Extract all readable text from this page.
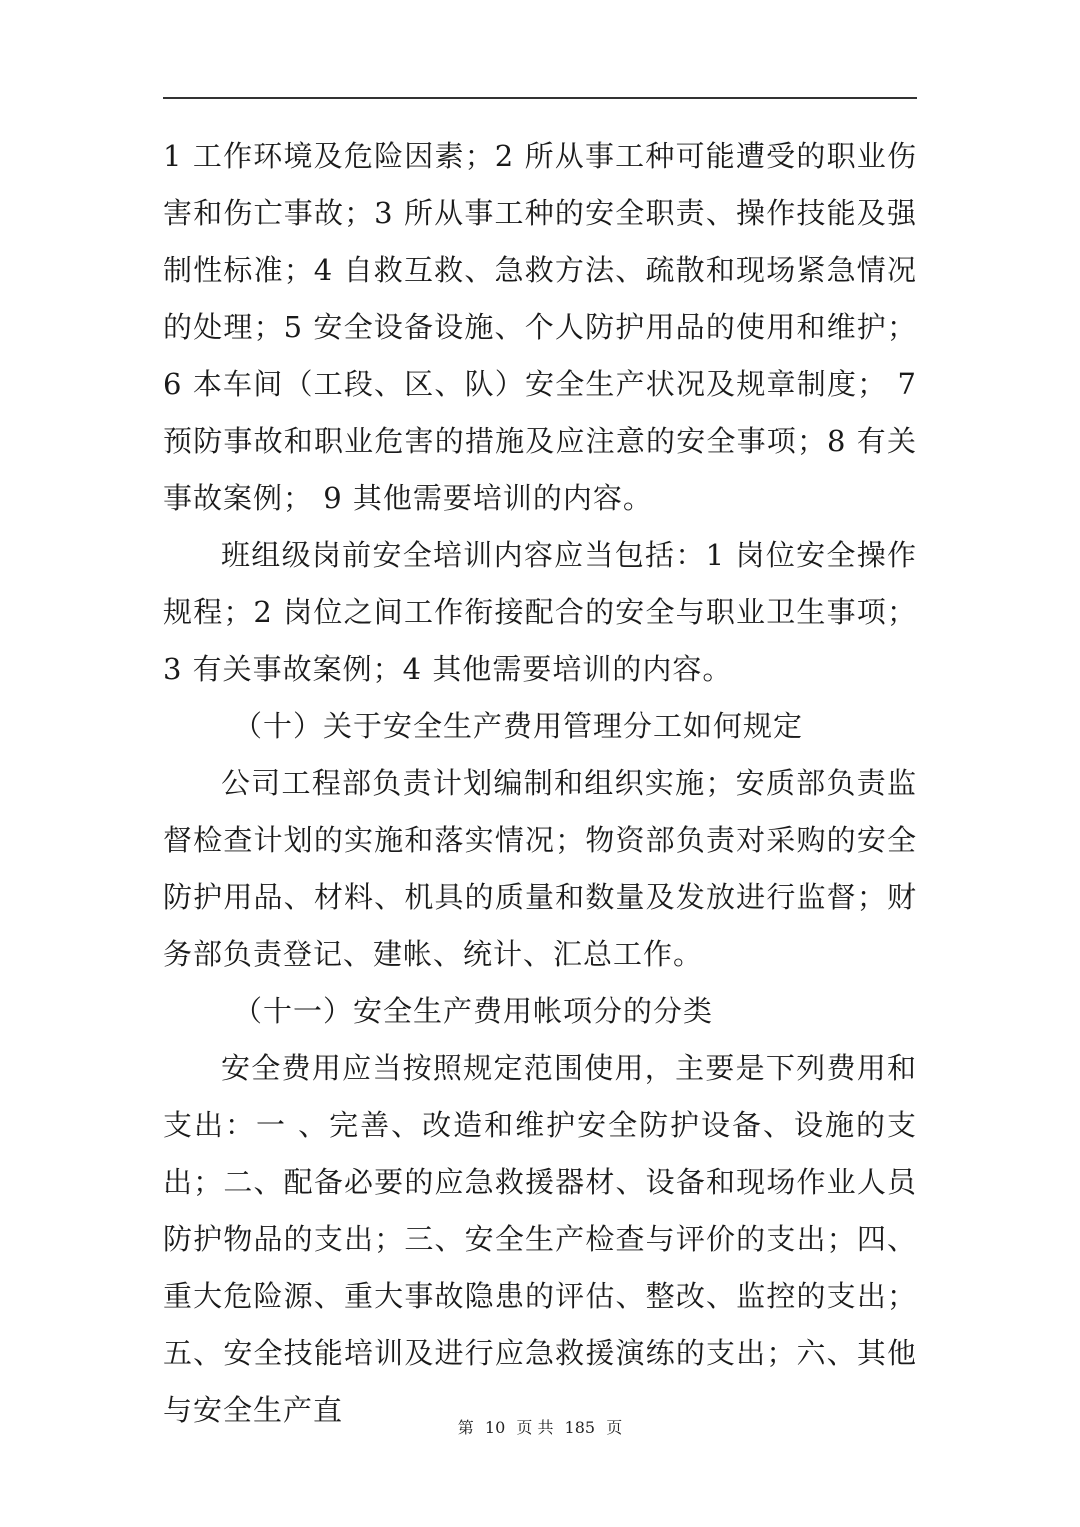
1 工作环境及危险因素；2 所从事工种可能遭受的职业伤害和伤亡事故；3 所从事工种的安全职责、操作技能及强制性标准；4 自救互救、急救方法、疏散和现场紧急情况的处理；5 安全设备设施、个人防护用品的使用和维护；6 本车间（工段、区、队）安全生产状况及规章制度； 7 预防事故和职业危害的措施及应注意的安全事项；8 有关事故案例； 9 其他需要培训的内容。

班组级岗前安全培训内容应当包括：1 岗位安全操作规程；2 岗位之间工作衔接配合的安全与职业卫生事项；3 有关事故案例；4 其他需要培训的内容。

（十）关于安全生产费用管理分工如何规定

公司工程部负责计划编制和组织实施；安质部负责监督检查计划的实施和落实情况；物资部负责对采购的安全防护用品、材料、机具的质量和数量及发放进行监督；财务部负责登记、建帐、统计、汇总工作。

（十一）安全生产费用帐项分的分类

安全费用应当按照规定范围使用，主要是下列费用和支出：一 、完善、改造和维护安全防护设备、设施的支出；二、配备必要的应急救援器材、设备和现场作业人员防护物品的支出；三、安全生产检查与评价的支出；四、重大危险源、重大事故隐患的评估、整改、监控的支出；五、安全技能培训及进行应急救援演练的支出；六、其他与安全生产直

第 10 页 共 185 页
